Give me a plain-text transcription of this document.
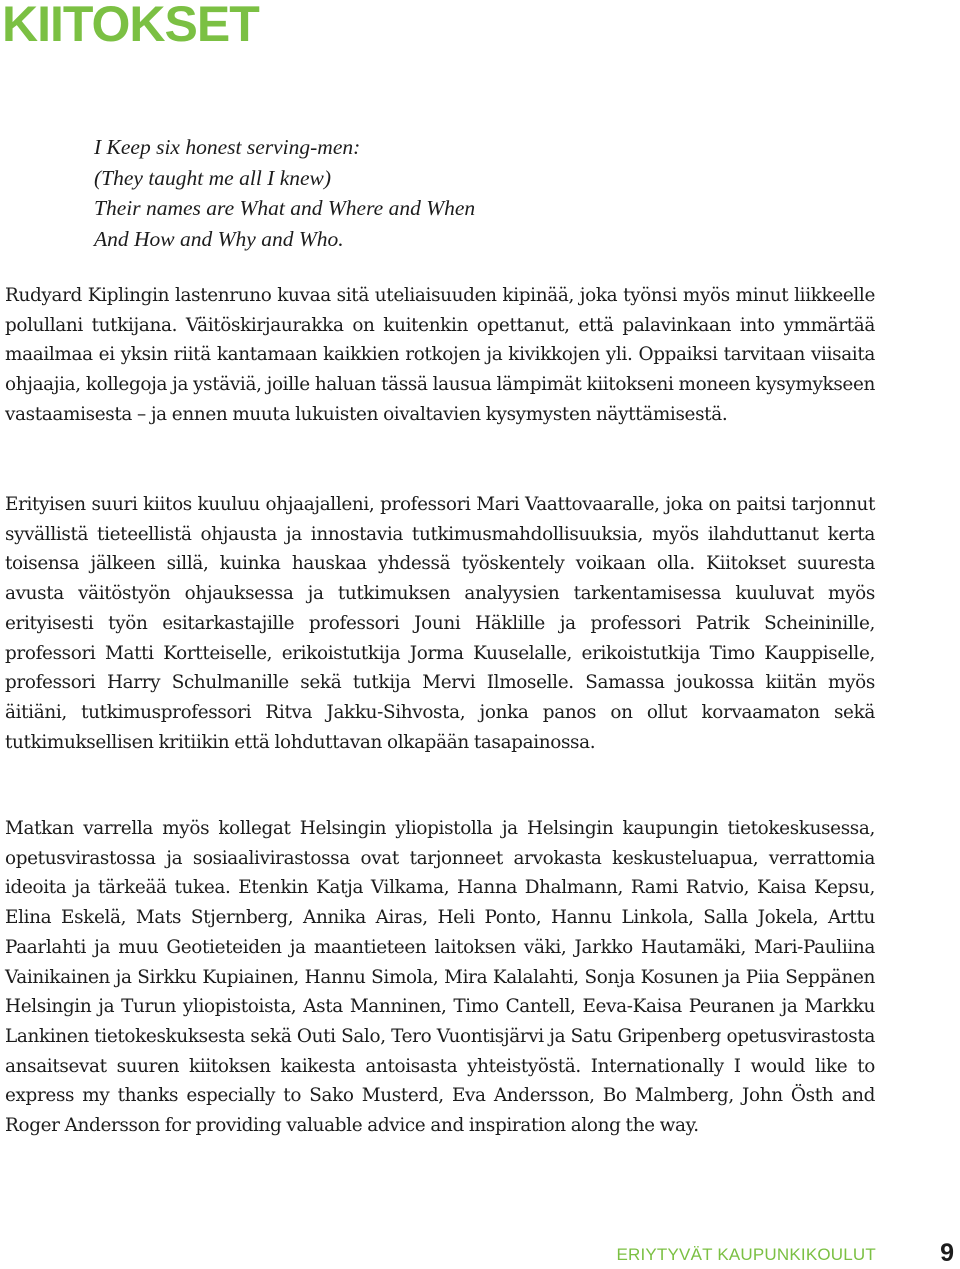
KIITOKSET
I Keep six honest serving-men:
(They taught me all I knew)
Their names are What and Where and When
And How and Why and Who.

Rudyard Kiplingin lastenruno kuvaa sitä uteliaisuuden kipinää, joka työnsi myös minut liikkeelle polullani tutkijana. Väitöskirjaurakka on kuitenkin opettanut, että palavinkaan into ymmärtää maailmaa ei yksin riitä kantamaan kaikkien rotkojen ja kivikkojen yli. Oppaiksi tarvitaan viisaita ohjaajia, kollegoja ja ystäviä, joille haluan tässä lausua lämpimät kiitokseni moneen kysymykseen vastaamisesta – ja ennen muuta lukuisten oivaltavien kysymysten näyttämisestä.

Erityisen suuri kiitos kuuluu ohjaajalleni, professori Mari Vaattovaaralle, joka on paitsi tarjonnut syvällistä tieteellistä ohjausta ja innostavia tutkimusmahdollisuuksia, myös ilahduttanut kerta toisensa jälkeen sillä, kuinka hauskaa yhdessä työskentely voikaan olla. Kiitokset suuresta avusta väitöstyön ohjauksessa ja tutkimuksen analyysien tarkentamisessa kuuluvat myös erityisesti työn esitarkastajille professori Jouni Häklille ja professori Patrik Scheininille, professori Matti Kortteiselle, erikoistutkija Jorma Kuuselalle, erikoistutkija Timo Kauppiselle, professori Harry Schulmanille sekä tutkija Mervi Ilmoselle. Samassa joukossa kiitän myös äitiäni, tutkimusprofessori Ritva Jakku-Sihvosta, jonka panos on ollut korvaamaton sekä tutkimuksellisen kritiikin että lohduttavan olkapään tasapainossa.

Matkan varrella myös kollegat Helsingin yliopistolla ja Helsingin kaupungin tietokeskusessa, opetusvirastossa ja sosiaalivirastossa ovat tarjonneet arvokasta keskusteluapua, verrattomia ideoita ja tärkeää tukea. Etenkin Katja Vilkama, Hanna Dhalmann, Rami Ratvio, Kaisa Kepsu, Elina Eskelä, Mats Stjernberg, Annika Airas, Heli Ponto, Hannu Linkola, Salla Jokela, Arttu Paarlahti ja muu Geotieteiden ja maantieteen laitoksen väki, Jarkko Hautamäki, Mari-Pauliina Vainikainen ja Sirkku Kupiainen, Hannu Simola, Mira Kalalahti, Sonja Kosunen ja Piia Seppänen Helsingin ja Turun yliopistoista, Asta Manninen, Timo Cantell, Eeva-Kaisa Peuranen ja Markku Lankinen tietokeskuksesta sekä Outi Salo, Tero Vuontisjärvi ja Satu Gripenberg opetusvirastosta ansaitsevat suuren kiitoksen kaikesta antoisasta yhteistyöstä. Internationally I would like to express my thanks especially to Sako Musterd, Eva Andersson, Bo Malmberg, John Östh and Roger Andersson for providing valuable advice and inspiration along the way.

ERIYTYVÄT KAUPUNKIKOULUT	9
